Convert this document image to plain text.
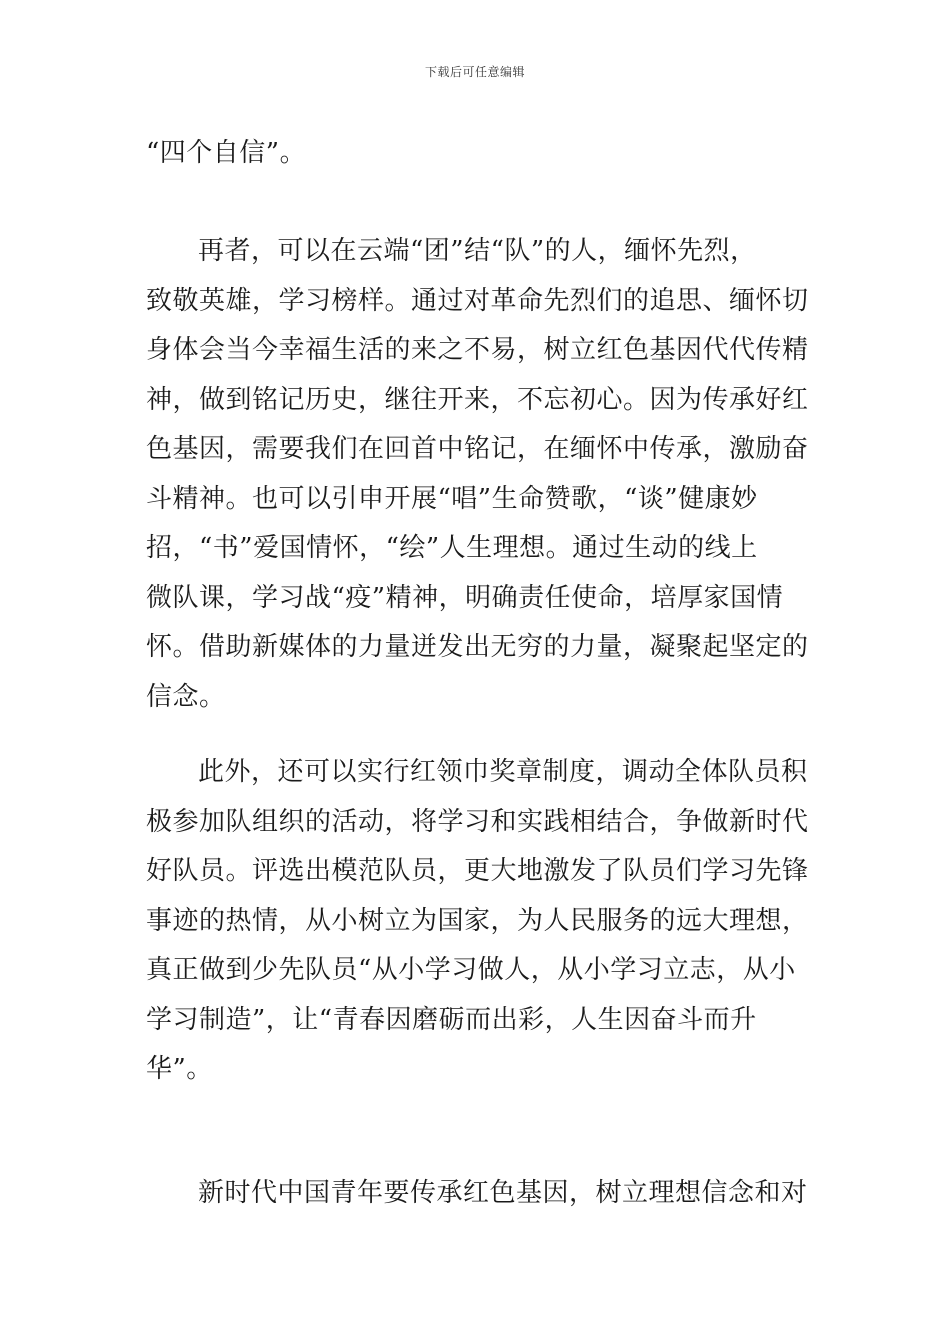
下载后可任意编辑
“四个自信”。
再者，可以在云端“团”结“队”的人，缅怀先烈，
致敬英雄，学习榜样。通过对革命先烈们的追思、缅怀切
身体会当今幸福生活的来之不易，树立红色基因代代传精
神，做到铭记历史，继往开来，不忘初心。因为传承好红
色基因，需要我们在回首中铭记，在缅怀中传承，激励奋
斗精神。也可以引申开展“唱”生命赞歌，“谈”健康妙
招，“书”爱国情怀，“绘”人生理想。通过生动的线上
微队课，学习战“疫”精神，明确责任使命，培厚家国情
怀。借助新媒体的力量迸发出无穷的力量，凝聚起坚定的
信念。
此外，还可以实行红领巾奖章制度，调动全体队员积
极参加队组织的活动，将学习和实践相结合，争做新时代
好队员。评选出模范队员，更大地激发了队员们学习先锋
事迹的热情，从小树立为国家，为人民服务的远大理想，
真正做到少先队员“从小学习做人，从小学习立志，从小
学习制造”，让“青春因磨砺而出彩，人生因奋斗而升
华”。
新时代中国青年要传承红色基因，树立理想信念和对
